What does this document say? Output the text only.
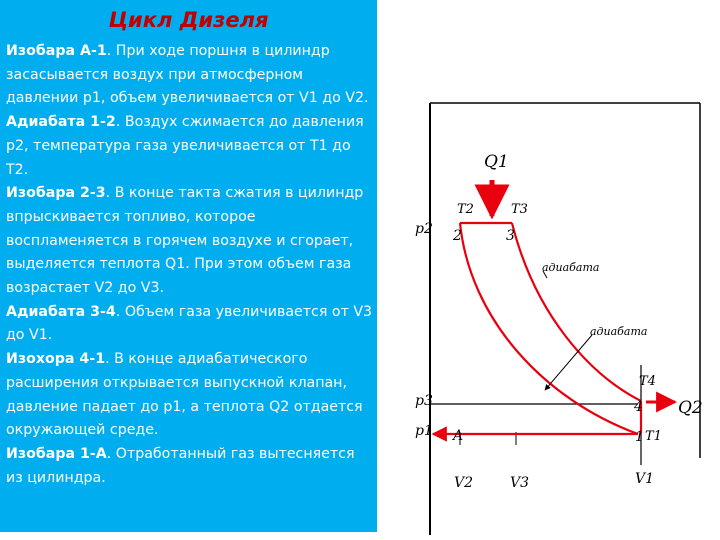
Цикл Дизеля
Изобара А-1. При ходе поршня в цилиндр засасывается воздух при атмосферном давлении p1, объем увеличивается от V1 до V2.
Адиабата 1-2. Воздух сжимается до давления p2, температура газа увеличивается от T1 до T2.
Изобара 2-3. В конце такта сжатия в цилиндр впрыскивается топливо, которое воспламеняется в горячем воздухе и сгорает, выделяется теплота Q1. При этом объем газа возрастает V2 до V3.
Адиабата 3-4. Объем газа увеличивается от V3 до V1.
Изохора 4-1. В конце адиабатического расширения открывается выпускной клапан, давление падает до p1, а теплота Q2 отдается окружающей среде.
Изобара 1-А. Отработанный газ вытесняется из цилиндра.
p2
p3
p1
V2	V3	V1
Q1
Q2
T2	T3
T4
T1
2	3
4
1
A
адиабата
адиабата
